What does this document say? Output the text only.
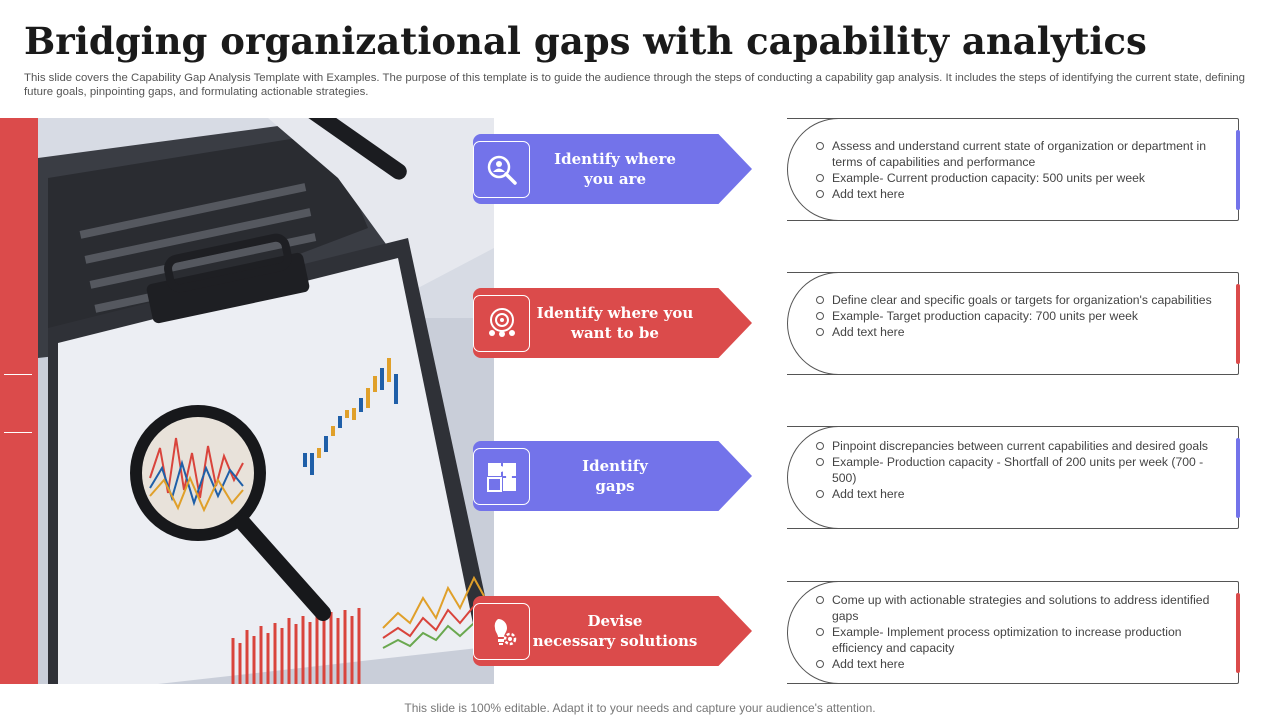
Bridging organizational gaps with capability analytics
This slide covers the Capability Gap Analysis Template with Examples. The purpose of this template is to guide the audience through the steps of conducting a capability gap analysis. It includes the steps of identifying the current state, defining future goals, pinpointing gaps, and formulating actionable strategies.
Identify where
you are
Identify where you
want to be
Identify
gaps
Devise
necessary solutions
Assess and understand current state of organization or department in terms of capabilities and performance
Example- Current production capacity: 500 units per week
Add text here
Define clear and specific goals or targets for organization's capabilities
Example- Target production capacity: 700 units per week
Add text here
Pinpoint discrepancies between current capabilities and desired goals
Example- Production capacity - Shortfall of 200 units per week (700 - 500)
Add text here
Come up with actionable strategies and solutions to address identified gaps
Example- Implement process optimization to increase production efficiency and capacity
Add text here
This slide is 100% editable. Adapt it to your needs and capture your audience's attention.
